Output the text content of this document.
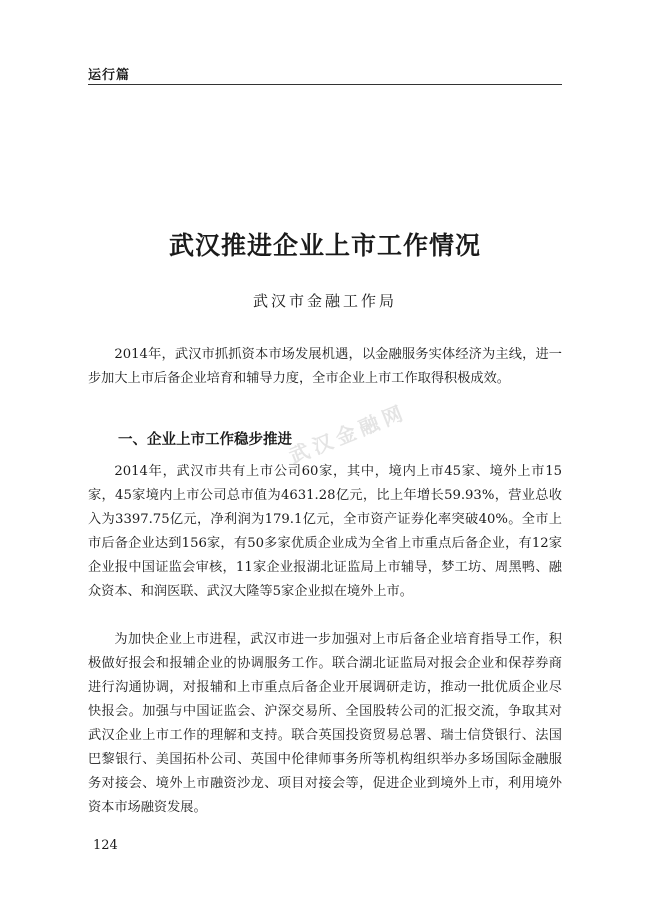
运行篇
武汉推进企业上市工作情况
武汉市金融工作局

2014年，武汉市抓抓资本市场发展机遇，以金融服务实体经济为主线，进一步加大上市后备企业培育和辅导力度，全市企业上市工作取得积极成效。

一、企业上市工作稳步推进
武汉金融网

2014年，武汉市共有上市公司60家，其中，境内上市45家、境外上市15家，45家境内上市公司总市值为4631.28亿元，比上年增长59.93%，营业总收入为3397.75亿元，净利润为179.1亿元，全市资产证券化率突破40%。全市上市后备企业达到156家，有50多家优质企业成为全省上市重点后备企业，有12家企业报中国证监会审核，11家企业报湖北证监局上市辅导，梦工坊、周黑鸭、融众资本、和润医联、武汉大隆等5家企业拟在境外上市。

为加快企业上市进程，武汉市进一步加强对上市后备企业培育指导工作，积极做好报会和报辅企业的协调服务工作。联合湖北证监局对报会企业和保荐券商进行沟通协调，对报辅和上市重点后备企业开展调研走访，推动一批优质企业尽快报会。加强与中国证监会、沪深交易所、全国股转公司的汇报交流，争取其对武汉企业上市工作的理解和支持。联合英国投资贸易总署、瑞士信贷银行、法国巴黎银行、美国拓朴公司、英国中伦律师事务所等机构组织举办多场国际金融服务对接会、境外上市融资沙龙、项目对接会等，促进企业到境外上市，利用境外资本市场融资发展。

124
